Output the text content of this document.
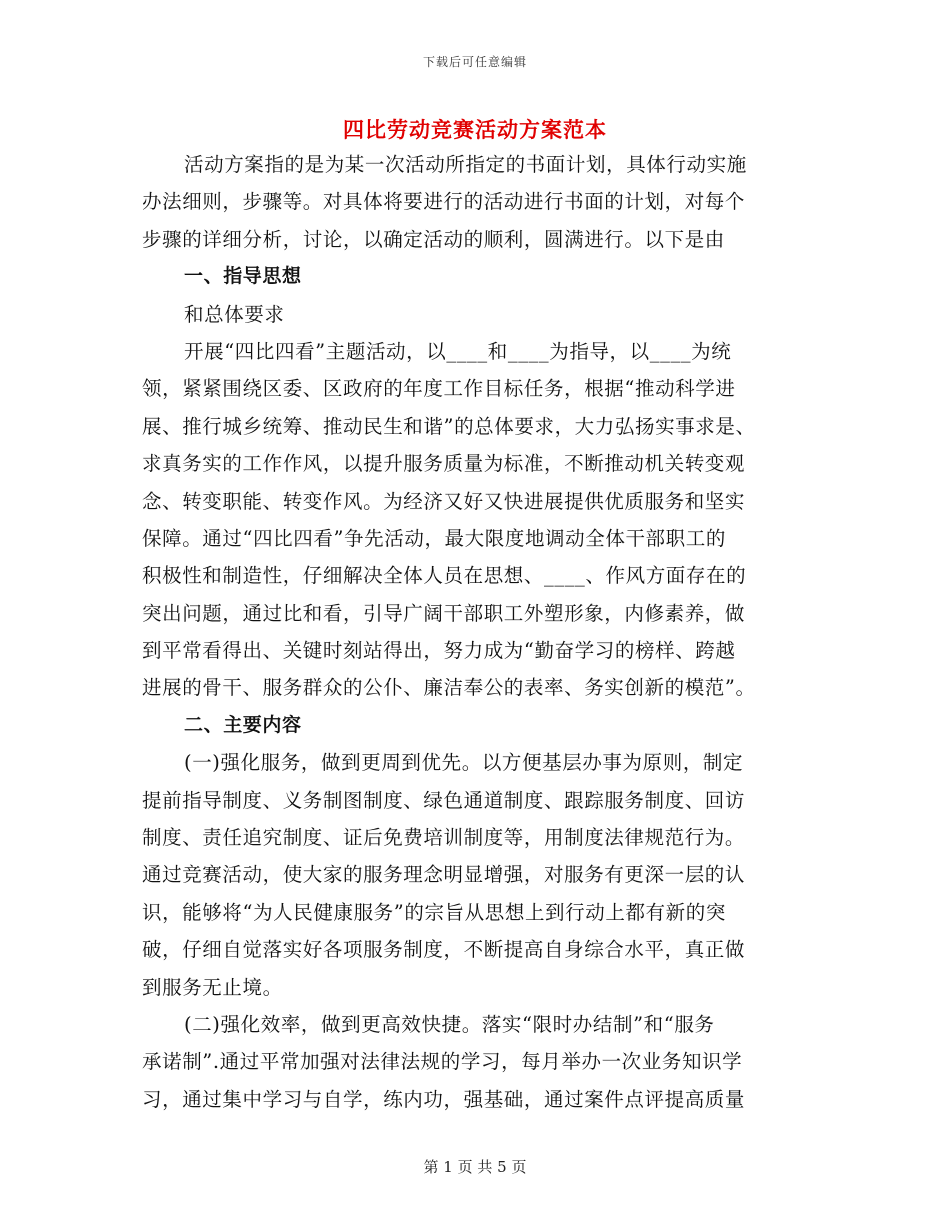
下载后可任意编辑
四比劳动竞赛活动方案范本
活动方案指的是为某一次活动所指定的书面计划，具体行动实施
办法细则，步骤等。对具体将要进行的活动进行书面的计划，对每个
步骤的详细分析，讨论，以确定活动的顺利，圆满进行。以下是由
一、指导思想
和总体要求
开展“四比四看”主题活动，以____和____为指导，以____为统
领，紧紧围绕区委、区政府的年度工作目标任务，根据“推动科学进
展、推行城乡统筹、推动民生和谐”的总体要求，大力弘扬实事求是、
求真务实的工作作风，以提升服务质量为标准，不断推动机关转变观
念、转变职能、转变作风。为经济又好又快进展提供优质服务和坚实
保障。通过“四比四看”争先活动，最大限度地调动全体干部职工的
积极性和制造性，仔细解决全体人员在思想、____、作风方面存在的
突出问题，通过比和看，引导广阔干部职工外塑形象，内修素养，做
到平常看得出、关键时刻站得出，努力成为“勤奋学习的榜样、跨越
进展的骨干、服务群众的公仆、廉洁奉公的表率、务实创新的模范”。
二、主要内容
(一)强化服务，做到更周到优先。以方便基层办事为原则，制定
提前指导制度、义务制图制度、绿色通道制度、跟踪服务制度、回访
制度、责任追究制度、证后免费培训制度等，用制度法律规范行为。
通过竞赛活动，使大家的服务理念明显增强，对服务有更深一层的认
识，能够将“为人民健康服务”的宗旨从思想上到行动上都有新的突
破，仔细自觉落实好各项服务制度，不断提高自身综合水平，真正做
到服务无止境。
(二)强化效率，做到更高效快捷。落实“限时办结制”和“服务
承诺制”.通过平常加强对法律法规的学习，每月举办一次业务知识学
习，通过集中学习与自学，练内功，强基础，通过案件点评提高质量
第 1 页 共 5 页
